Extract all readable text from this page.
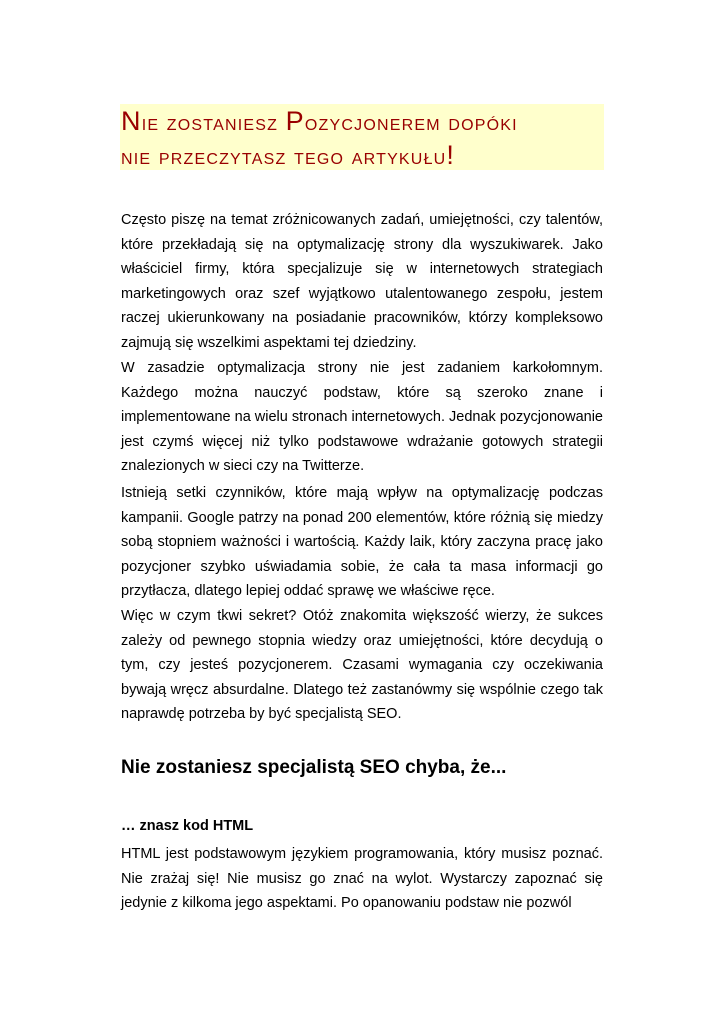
Nie zostaniesz Pozycjonerem dopóki
nie przeczytasz tego artykułu!

Często piszę na temat zróżnicowanych zadań, umiejętności, czy talentów, które przekładają się na optymalizację strony dla wyszukiwarek. Jako właściciel firmy, która specjalizuje się w internetowych strategiach marketingowych oraz szef wyjątkowo utalentowanego zespołu, jestem raczej ukierunkowany na posiadanie pracowników, którzy kompleksowo zajmują się wszelkimi aspektami tej dziedziny.

W zasadzie optymalizacja strony nie jest zadaniem karkołomnym. Każdego można nauczyć podstaw, które są szeroko znane i implementowane na wielu stronach internetowych. Jednak pozycjonowanie jest czymś więcej niż tylko podstawowe wdrażanie gotowych strategii znalezionych w sieci czy na Twitterze.

Istnieją setki czynników, które mają wpływ na optymalizację podczas kampanii. Google patrzy na ponad 200 elementów, które różnią się miedzy sobą stopniem ważności i wartością. Każdy laik, który zaczyna pracę jako pozycjoner szybko uświadamia sobie, że cała ta masa informacji go przytłacza, dlatego lepiej oddać sprawę we właściwe ręce.

Więc w czym tkwi sekret? Otóż znakomita większość wierzy, że sukces zależy od pewnego stopnia wiedzy oraz umiejętności, które decydują o tym, czy jesteś pozycjonerem. Czasami wymagania czy oczekiwania bywają wręcz absurdalne. Dlatego też zastanówmy się wspólnie czego tak naprawdę potrzeba by być specjalistą SEO.

Nie zostaniesz specjalistą SEO chyba, że...
… znasz kod HTML

HTML jest podstawowym językiem programowania, który musisz poznać. Nie zrażaj się! Nie musisz go znać na wylot. Wystarczy zapoznać się jedynie z kilkoma jego aspektami. Po opanowaniu podstaw nie pozwól
